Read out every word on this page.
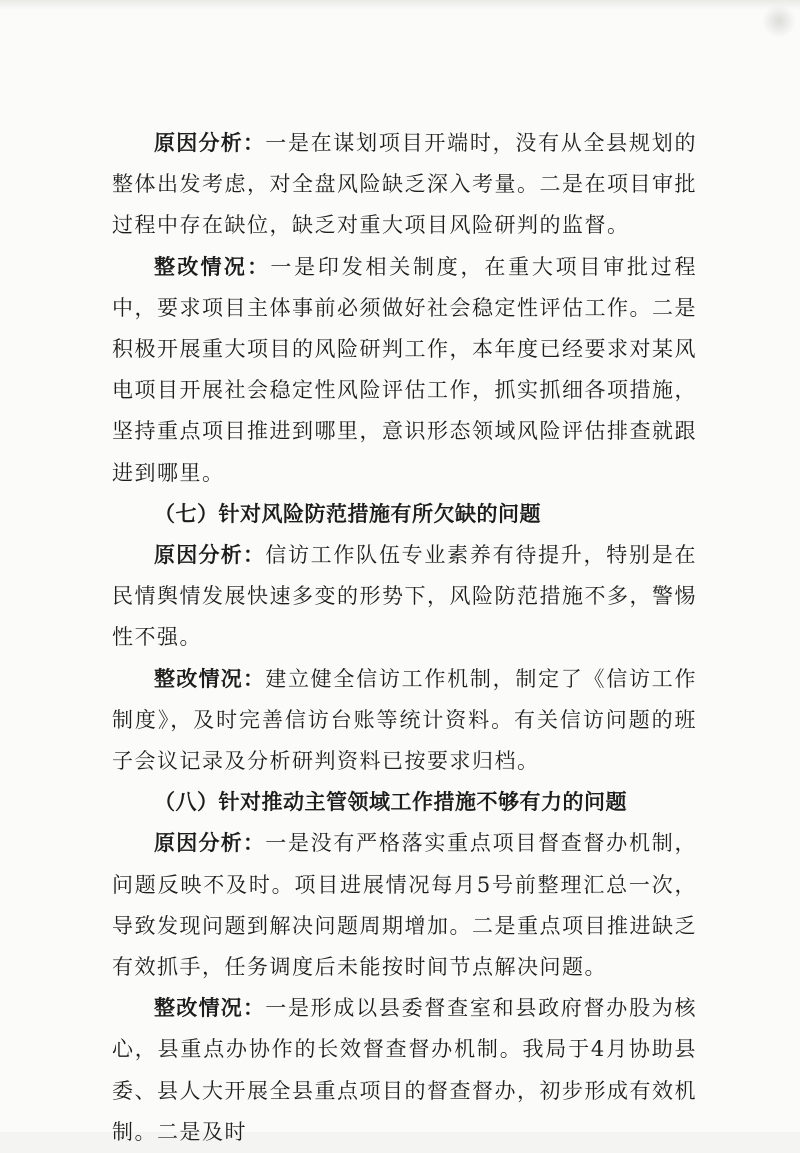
原因分析：一是在谋划项目开端时，没有从全县规划的整体出发考虑，对全盘风险缺乏深入考量。二是在项目审批过程中存在缺位，缺乏对重大项目风险研判的监督。

整改情况：一是印发相关制度，在重大项目审批过程中，要求项目主体事前必须做好社会稳定性评估工作。二是积极开展重大项目的风险研判工作，本年度已经要求对某风电项目开展社会稳定性风险评估工作，抓实抓细各项措施，坚持重点项目推进到哪里，意识形态领域风险评估排查就跟进到哪里。

（七）针对风险防范措施有所欠缺的问题

原因分析：信访工作队伍专业素养有待提升，特别是在民情舆情发展快速多变的形势下，风险防范措施不多，警惕性不强。

整改情况：建立健全信访工作机制，制定了《信访工作制度》，及时完善信访台账等统计资料。有关信访问题的班子会议记录及分析研判资料已按要求归档。

（八）针对推动主管领域工作措施不够有力的问题

原因分析：一是没有严格落实重点项目督查督办机制，问题反映不及时。项目进展情况每月5号前整理汇总一次，导致发现问题到解决问题周期增加。二是重点项目推进缺乏有效抓手，任务调度后未能按时间节点解决问题。

整改情况：一是形成以县委督查室和县政府督办股为核心，县重点办协作的长效督查督办机制。我局于4月协助县委、县人大开展全县重点项目的督查督办，初步形成有效机制。二是及时
